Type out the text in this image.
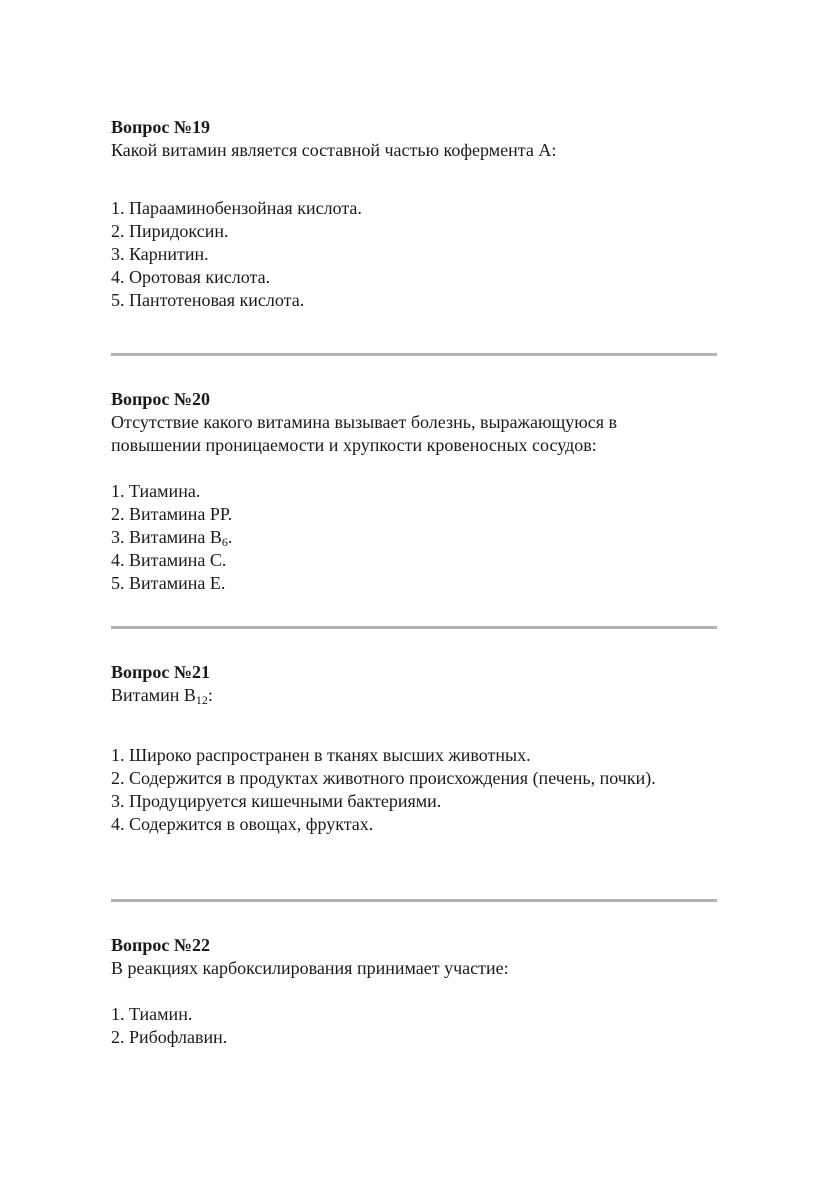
Вопрос №19

Какой витамин является составной частью кофермента А:

1. Парааминобензойная кислота.
2. Пиридоксин.
3. Карнитин.
4. Оротовая кислота.
5. Пантотеновая кислота.

Вопрос №20

Отсутствие какого витамина вызывает болезнь, выражающуюся в повышении проницаемости и хрупкости кровеносных сосудов:

1. Тиамина.
2. Витамина РР.
3. Витамина $В_6$.
4. Витамина С.
5. Витамина Е.

Вопрос №21

Витамин $В_{12}$:

1. Широко распространен в тканях высших животных.
2. Содержится в продуктах животного происхождения (печень, почки).
3. Продуцируется кишечными бактериями.
4. Содержится в овощах, фруктах.

Вопрос №22

В реакциях карбоксилирования принимает участие:

1. Тиамин.
2. Рибофлавин.
